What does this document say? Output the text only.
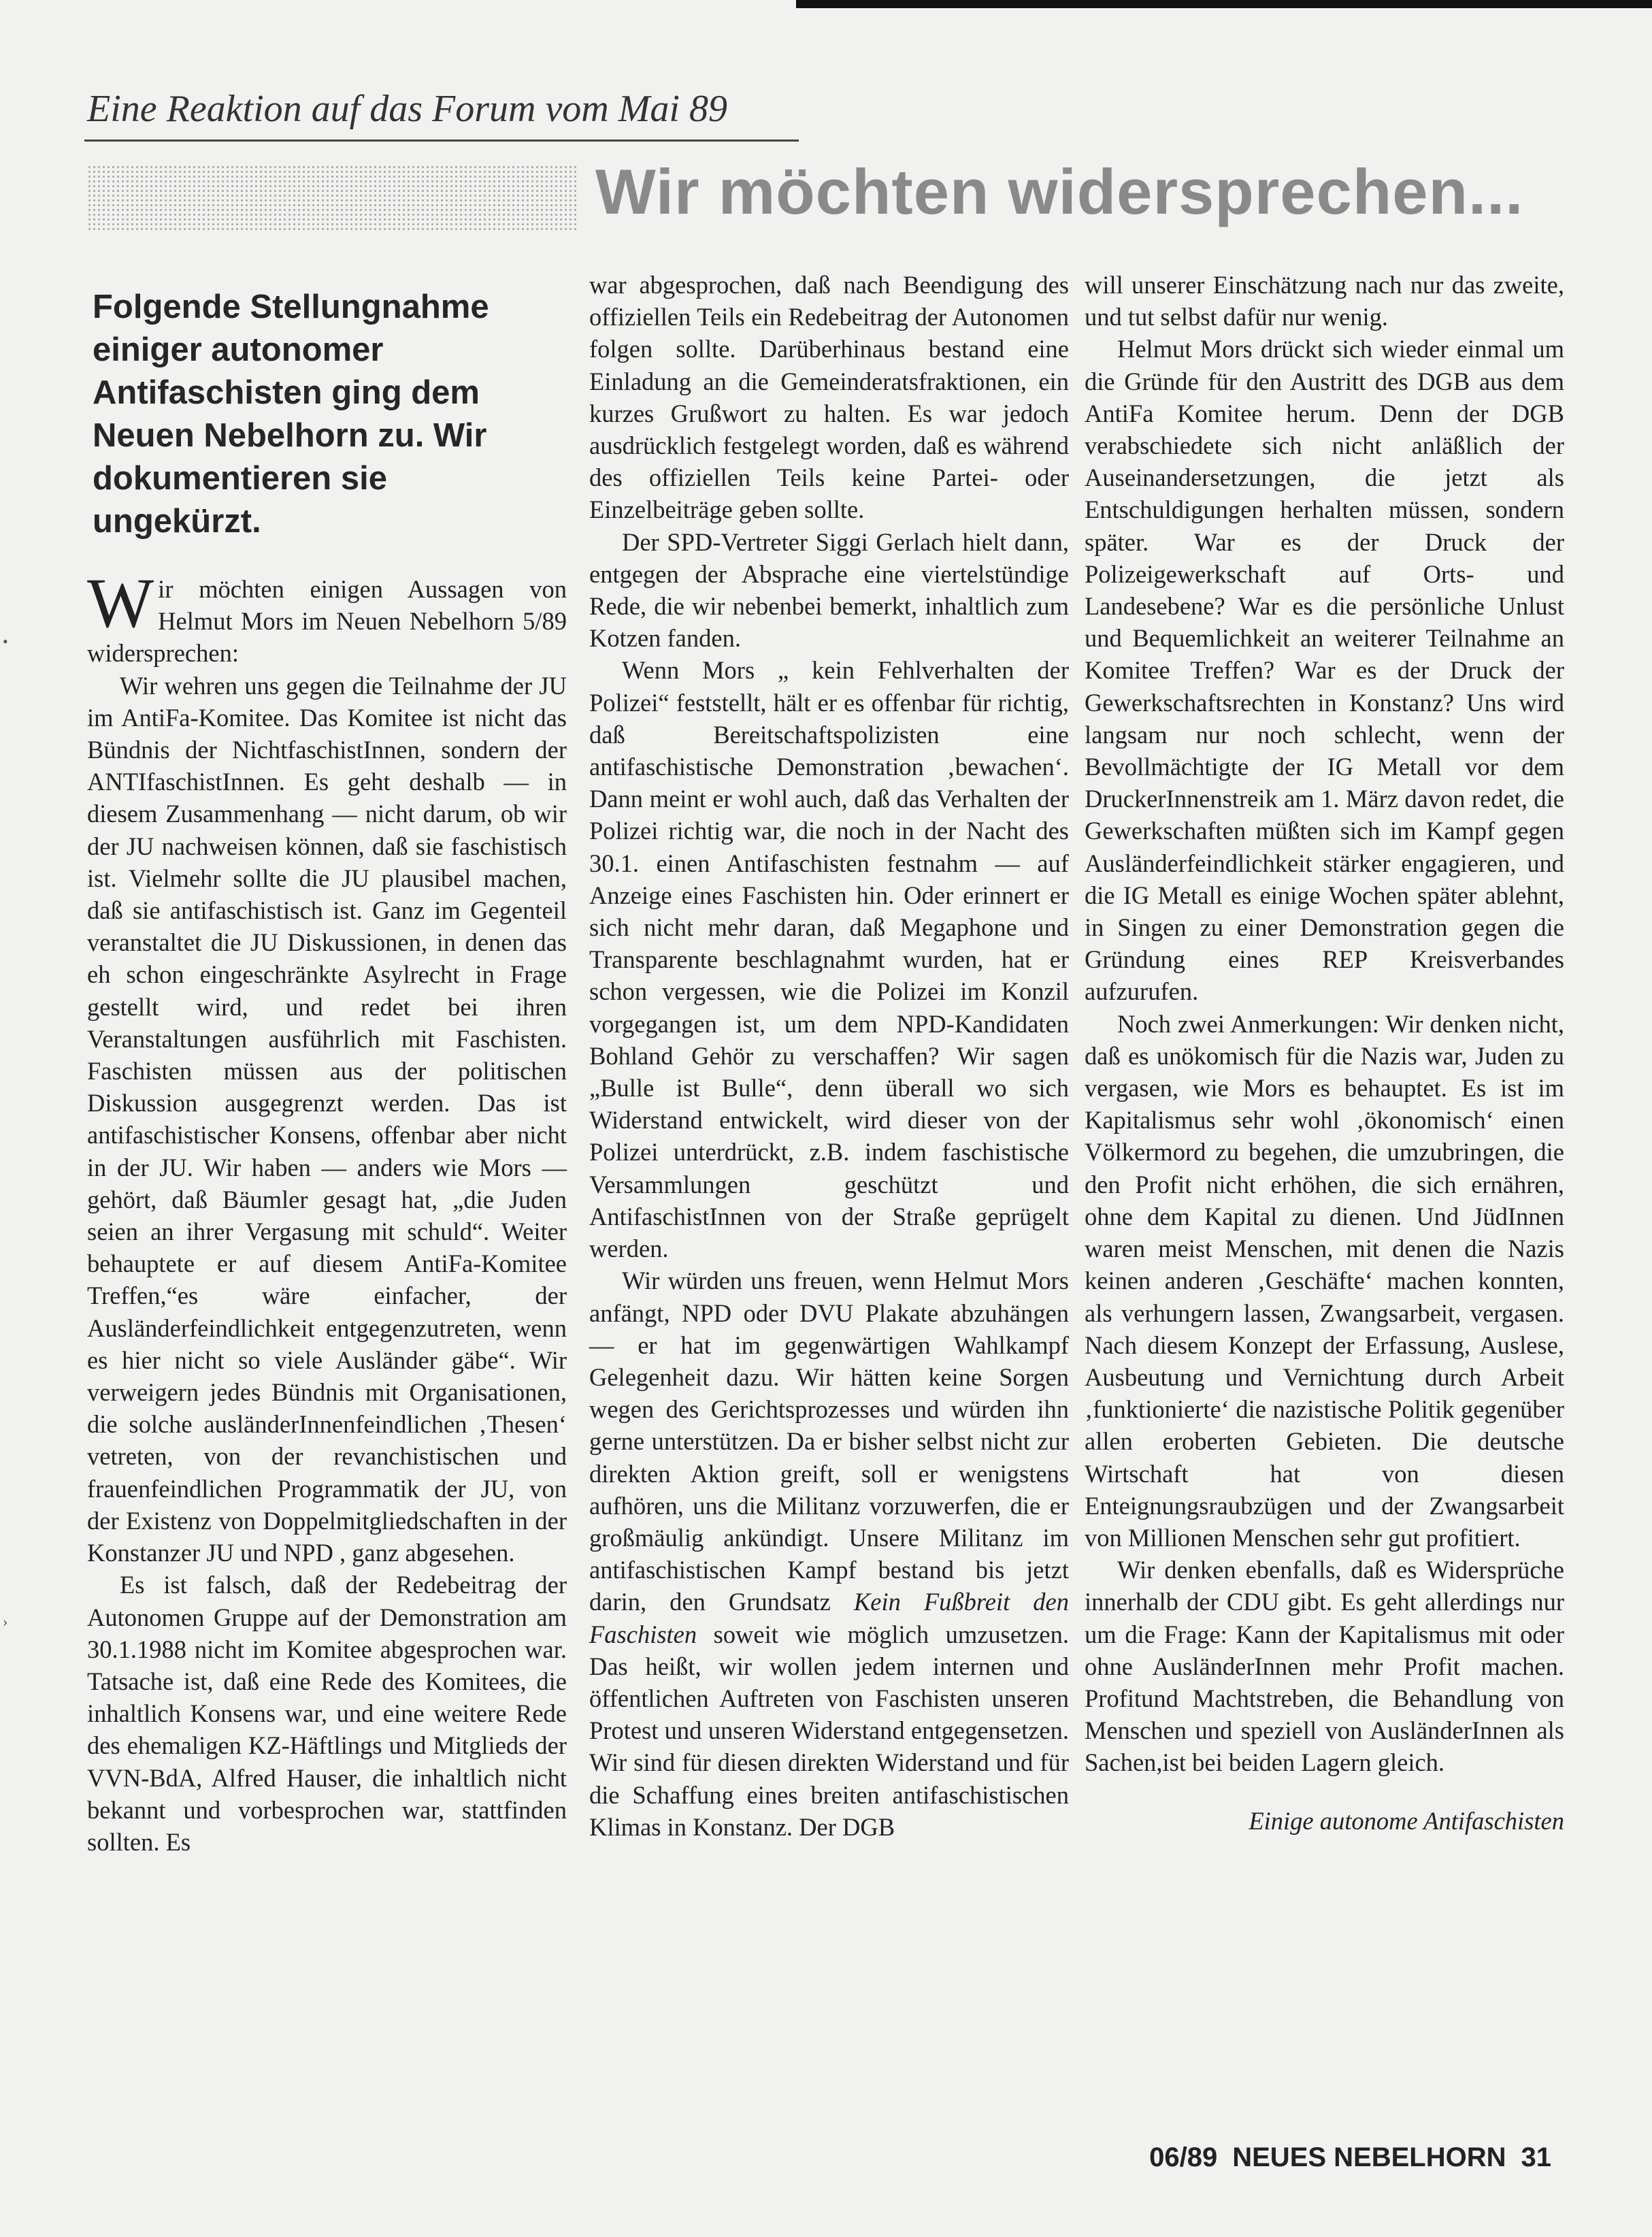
•
›
Eine Reaktion auf das Forum vom Mai 89
Wir möchten widersprechen...
Folgende Stellungnahme einiger autonomer Antifaschisten ging dem Neuen Nebelhorn zu. Wir dokumentieren sie ungekürzt.

Wir möchten einigen Aussagen von Helmut Mors im Neuen Nebelhorn 5/89 widersprechen:

Wir wehren uns gegen die Teilnahme der JU im AntiFa-Komitee. Das Komitee ist nicht das Bündnis der NichtfaschistInnen, sondern der ANTIfaschistInnen. Es geht deshalb — in diesem Zusammenhang — nicht darum, ob wir der JU nachweisen können, daß sie faschistisch ist. Vielmehr sollte die JU plausibel machen, daß sie antifaschistisch ist. Ganz im Gegenteil veranstaltet die JU Diskussionen, in denen das eh schon eingeschränkte Asylrecht in Frage gestellt wird, und redet bei ihren Veranstaltungen ausführlich mit Faschisten. Faschisten müssen aus der politischen Diskussion ausgegrenzt werden. Das ist antifaschistischer Konsens, offenbar aber nicht in der JU. Wir haben — anders wie Mors — gehört, daß Bäumler gesagt hat, „die Juden seien an ihrer Vergasung mit schuld“. Weiter behauptete er auf diesem AntiFa-Komitee Treffen,“es wäre einfacher, der Ausländerfeindlichkeit entgegenzutreten, wenn es hier nicht so viele Ausländer gäbe“. Wir verweigern jedes Bündnis mit Organisationen, die solche ausländerInnenfeindlichen ‚Thesen‘ vetreten, von der revanchistischen und frauenfeindlichen Programmatik der JU, von der Existenz von Doppelmitgliedschaften in der Konstanzer JU und NPD , ganz abgesehen.

Es ist falsch, daß der Redebeitrag der Autonomen Gruppe auf der Demonstration am 30.1.1988 nicht im Komitee abgesprochen war. Tatsache ist, daß eine Rede des Komitees, die inhaltlich Konsens war, und eine weitere Rede des ehemaligen KZ-Häftlings und Mitglieds der VVN-BdA, Alfred Hauser, die inhaltlich nicht bekannt und vorbesprochen war, stattfinden sollten. Es

war abgesprochen, daß nach Beendigung des offiziellen Teils ein Redebeitrag der Autonomen folgen sollte. Darüberhinaus bestand eine Einladung an die Gemeinderatsfraktionen, ein kurzes Grußwort zu halten. Es war jedoch ausdrücklich festgelegt worden, daß es während des offiziellen Teils keine Partei- oder Einzelbeiträge geben sollte.

Der SPD-Vertreter Siggi Gerlach hielt dann, entgegen der Absprache eine viertelstündige Rede, die wir nebenbei bemerkt, inhaltlich zum Kotzen fanden.

Wenn Mors „ kein Fehlverhalten der Polizei“ feststellt, hält er es offenbar für richtig, daß Bereitschaftspolizisten eine antifaschistische Demonstration ‚bewachen‘. Dann meint er wohl auch, daß das Verhalten der Polizei richtig war, die noch in der Nacht des 30.1. einen Antifaschisten festnahm — auf Anzeige eines Faschisten hin. Oder erinnert er sich nicht mehr daran, daß Megaphone und Transparente beschlagnahmt wurden, hat er schon vergessen, wie die Polizei im Konzil vorgegangen ist, um dem NPD-Kandidaten Bohland Gehör zu verschaffen? Wir sagen „Bulle ist Bulle“, denn überall wo sich Widerstand entwickelt, wird dieser von der Polizei unterdrückt, z.B. indem faschistische Versammlungen geschützt und AntifaschistInnen von der Straße geprügelt werden.

Wir würden uns freuen, wenn Helmut Mors anfängt, NPD oder DVU Plakate abzuhängen — er hat im gegenwärtigen Wahlkampf Gelegenheit dazu. Wir hätten keine Sorgen wegen des Gerichtsprozesses und würden ihn gerne unterstützen. Da er bisher selbst nicht zur direkten Aktion greift, soll er wenigstens aufhören, uns die Militanz vorzuwerfen, die er großmäulig ankündigt. Unsere Militanz im antifaschistischen Kampf bestand bis jetzt darin, den Grundsatz Kein Fußbreit den Faschisten soweit wie möglich umzusetzen. Das heißt, wir wollen jedem internen und öffentlichen Auftreten von Faschisten unseren Protest und unseren Widerstand entgegensetzen. Wir sind für diesen direkten Widerstand und für die Schaffung eines breiten antifaschistischen Klimas in Konstanz. Der DGB

will unserer Einschätzung nach nur das zweite, und tut selbst dafür nur wenig.

Helmut Mors drückt sich wieder einmal um die Gründe für den Austritt des DGB aus dem AntiFa Komitee herum. Denn der DGB verabschiedete sich nicht anläßlich der Auseinandersetzungen, die jetzt als Entschuldigungen herhalten müssen, sondern später. War es der Druck der Polizeigewerkschaft auf Orts- und Landesebene? War es die persönliche Unlust und Bequemlichkeit an weiterer Teilnahme an Komitee Treffen? War es der Druck der Gewerkschaftsrechten in Konstanz? Uns wird langsam nur noch schlecht, wenn der Bevollmächtigte der IG Metall vor dem DruckerInnenstreik am 1. März davon redet, die Gewerkschaften müßten sich im Kampf gegen Ausländerfeindlichkeit stärker engagieren, und die IG Metall es einige Wochen später ablehnt, in Singen zu einer Demonstration gegen die Gründung eines REP Kreisverbandes aufzurufen.

Noch zwei Anmerkungen: Wir denken nicht, daß es unökomisch für die Nazis war, Juden zu vergasen, wie Mors es behauptet. Es ist im Kapitalismus sehr wohl ‚ökonomisch‘ einen Völkermord zu begehen, die umzubringen, die den Profit nicht erhöhen, die sich ernähren, ohne dem Kapital zu dienen. Und JüdInnen waren meist Menschen, mit denen die Nazis keinen anderen ‚Geschäfte‘ machen konnten, als verhungern lassen, Zwangsarbeit, vergasen. Nach diesem Konzept der Erfassung, Auslese, Ausbeutung und Vernichtung durch Arbeit ‚funktionierte‘ die nazistische Politik gegenüber allen eroberten Gebieten. Die deutsche Wirtschaft hat von diesen Enteignungsraubzügen und der Zwangsarbeit von Millionen Menschen sehr gut profitiert.

Wir denken ebenfalls, daß es Widersprüche innerhalb der CDU gibt. Es geht allerdings nur um die Frage: Kann der Kapitalismus mit oder ohne AusländerInnen mehr Profit machen. Profitund Machtstreben, die Behandlung von Menschen und speziell von AusländerInnen als Sachen,ist bei beiden Lagern gleich.

Einige autonome Antifaschisten
06/89 NEUES NEBELHORN 31
